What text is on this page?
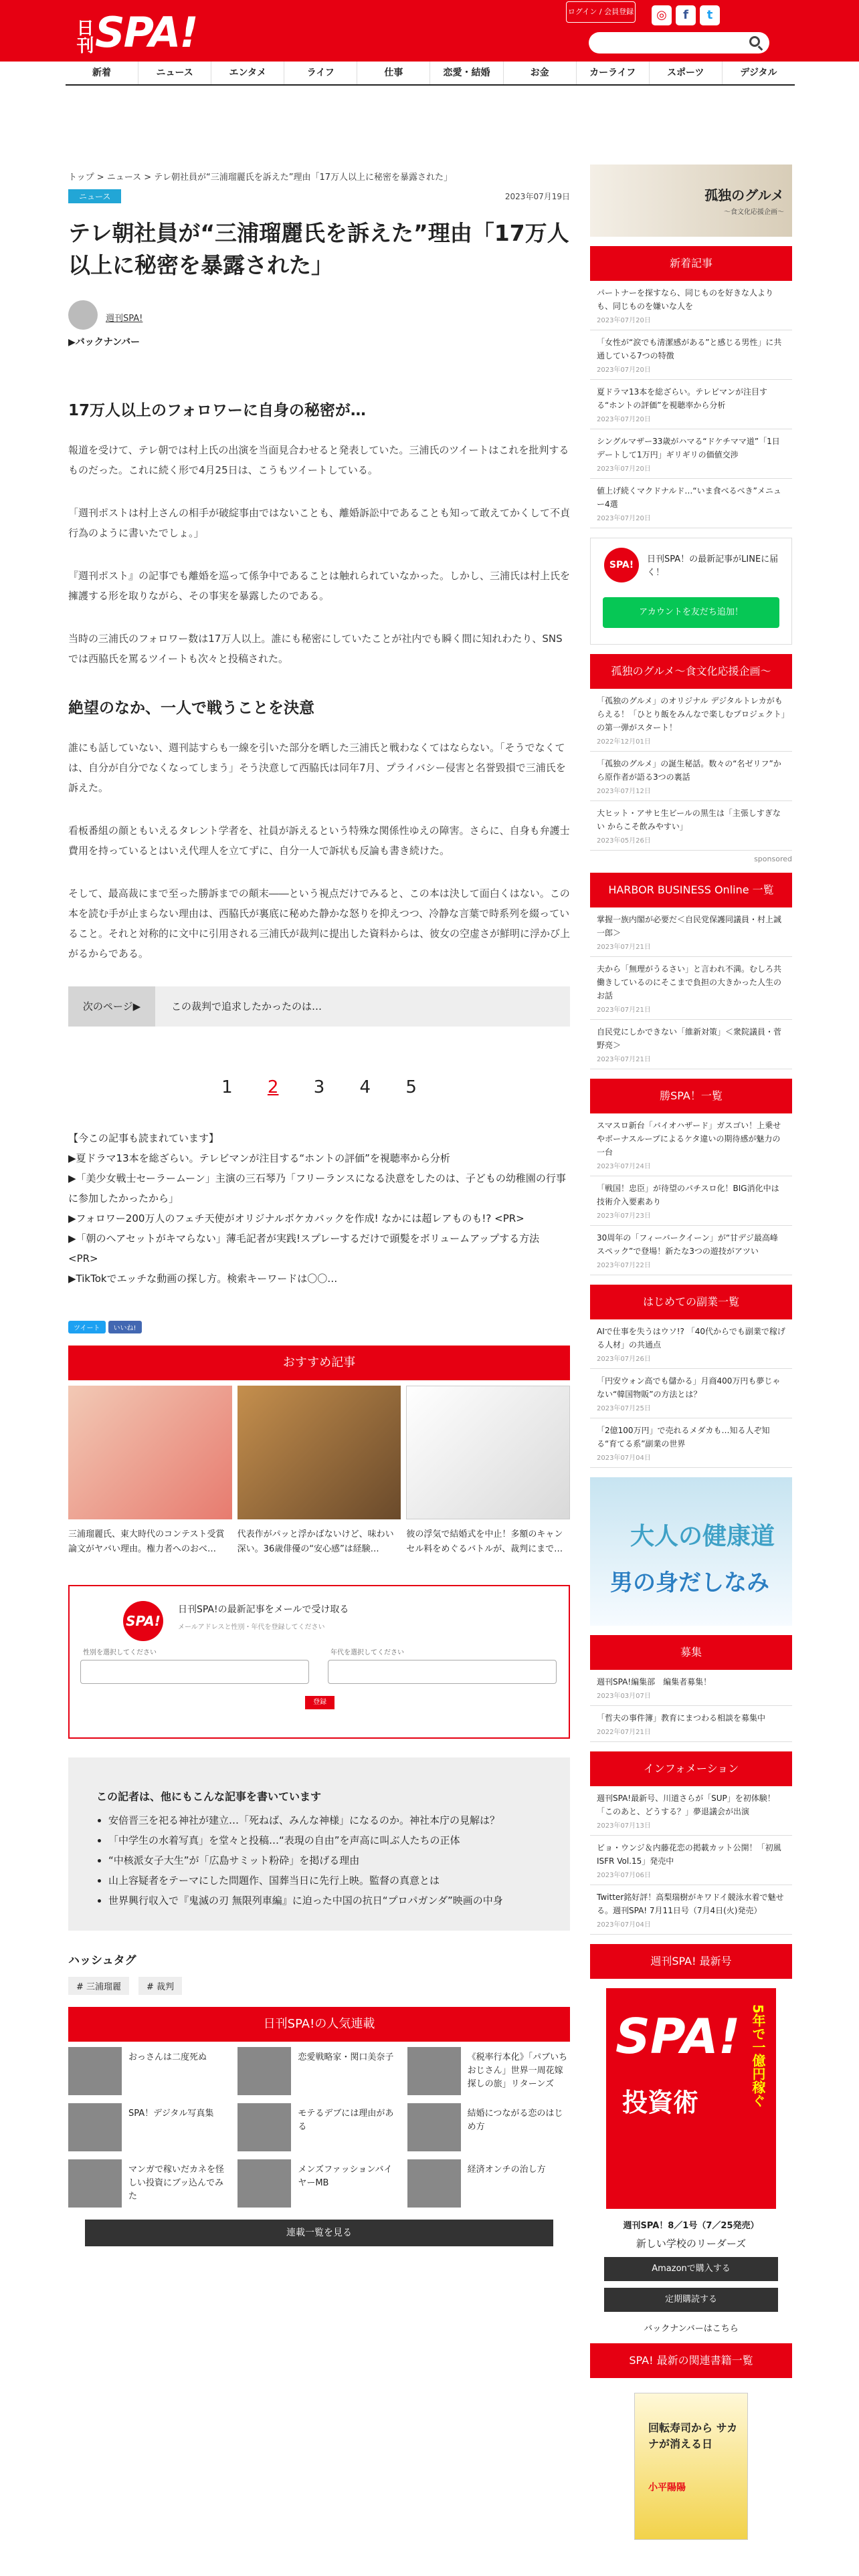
日刊 SPA!	ログイン / 会員登録	◎	f	t
新着	ニュース	エンタメ	ライフ	仕事	恋愛・結婚	お金	カーライフ	スポーツ	デジタル
トップ > ニュース > テレ朝社員が“三浦瑠麗氏を訴えた”理由「17万人以上に秘密を暴露された」
ニュース	2023年07月19日
テレ朝社員が“三浦瑠麗氏を訴えた”理由「17万人以上に秘密を暴露された」
週刊SPA!
▶バックナンバー
17万人以上のフォロワーに自身の秘密が…

報道を受けて、テレ朝では村上氏の出演を当面見合わせると発表していた。三浦氏のツイートはこれを批判するものだった。これに続く形で4月25日は、こうもツイートしている。

「週刊ポストは村上さんの相手が破綻事由ではないことも、離婚訴訟中であることも知って敢えてかくして不貞行為のように書いたでしょ。」

『週刊ポスト』の記事でも離婚を巡って係争中であることは触れられていなかった。しかし、三浦氏は村上氏を擁護する形を取りながら、その事実を暴露したのである。

当時の三浦氏のフォロワー数は17万人以上。誰にも秘密にしていたことが社内でも瞬く間に知れわたり、SNSでは西脇氏を罵るツイートも次々と投稿された。

絶望のなか、一人で戦うことを決意

誰にも話していない、週刊誌すらも一線を引いた部分を晒した三浦氏と戦わなくてはならない。「そうでなくては、自分が自分でなくなってしまう」そう決意して西脇氏は同年7月、プライバシー侵害と名誉毀損で三浦氏を訴えた。

看板番組の顔ともいえるタレント学者を、社員が訴えるという特殊な関係性ゆえの障害。さらに、自身も弁護士費用を持っているとはいえ代理人を立てずに、自分一人で訴状も反論も書き続けた。

そして、最高裁にまで至った勝訴までの顛末――という視点だけでみると、この本は決して面白くはない。この本を読む手が止まらない理由は、西脇氏が裏底に秘めた静かな怒りを抑えつつ、冷静な言葉で時系列を綴っていること。それと対称的に文中に引用される三浦氏が裁判に提出した資料からは、彼女の空虚さが鮮明に浮かび上がるからである。

次のページ▶	この裁判で追求したかったのは…
1 2 3 4 5
【今この記事も読まれています】
▶夏ドラマ13本を総ざらい。テレビマンが注目する“ホントの評価”を視聴率から分析
▶「美少女戦士セーラームーン」主演の三石琴乃「フリーランスになる決意をしたのは、子どもの幼稚園の行事に参加したかったから」
▶フォロワー200万人のフェチ天使がオリジナルボケカバックを作成! なかには超レアものも!? <PR>
▶「朝のヘアセットがキマらない」薄毛記者が実践!スプレーするだけで頭髪をボリュームアップする方法 <PR>
▶TikTokでエッチな動画の探し方。検索キーワードは〇〇…
ツイート	いいね!
おすすめ記事
三浦瑠麗氏、東大時代のコンテスト受賞論文がヤバい理由。権力者へのおべ…
代表作がパッと浮かばないけど、味わい深い。36歳俳優の“安心感”は経験…
彼の浮気で結婚式を中止！多額のキャンセル料をめぐるバトルが、裁判にまで…
SPA!
日刊SPA!の最新記事をメールで受け取る
メールアドレスと性別・年代を登録してください
性別を選択してください	年代を選択してください
登録
この記者は、他にもこんな記事を書いています
• 安倍晋三を祀る神社が建立…「死ねば、みんな神様」になるのか。神社本庁の見解は？
• 「中学生の水着写真」を堂々と投稿…“表現の自由”を声高に叫ぶ人たちの正体
• “中核派女子大生”が「広島サミット粉砕」を掲げる理由
• 山上容疑者をテーマにした問題作、国葬当日に先行上映。監督の真意とは
• 世界興行収入で『鬼滅の刃 無限列車編』に迫った中国の抗日“プロパガンダ”映画の中身
ハッシュタグ
# 三浦瑠麗	# 裁判
日刊SPA!の人気連載
おっさんは二度死ぬ	恋愛戦略家・関口美奈子	《税率行本化》「パブいちおじさん」世界一周花嫁探しの旅」リターンズ
SPA！デジタル写真集	モテるデブには理由がある
結婚につながる恋のはじめ方
マンガで稼いだカネを怪しい投資にブッ込んでみた
メンズファッションバイヤーMB
経済オンチの治し方
連載一覧を見る
孤独のグルメ
〜食文化応援企画〜
新着記事
パートナーを探すなら、同じものを好きな人よりも、同じものを嫌いな人を
2023年07月20日
「女性が“涙でも清潔感がある”と感じる男性」に共通している7つの特徴
2023年07月20日
夏ドラマ13本を総ざらい。テレビマンが注目する“ホントの評価”を視聴率から分析
2023年07月20日
シングルマザー33歳がハマる“ドケチママ道”「1日デートして1万円」ギリギリの価値交渉
2023年07月20日
値上げ続くマクドナルド…“いま食べるべき”メニュー4選
2023年07月20日
SPA!
日刊SPA！の最新記事がLINEに届く！
アカウントを友だち追加！
孤独のグルメ〜食文化応援企画〜
「孤独のグルメ」のオリジナル デジタルトレカがもらえる！「ひとり飯をみんなで楽しむプロジェクト」の第一弾がスタート！
2022年12月01日
「孤独のグルメ」の誕生秘話。数々の“名ゼリフ”から原作者が語る3つの裏話
2023年07月12日
大ヒット・アサヒ生ビールの黒生は「主張しすぎない からこそ飲みやすい」
2023年05月26日
sponsored
HARBOR BUSINESS Online 一覧
掌握一族内閣が必要だ＜自民党保護同議員・村上誠一郎＞
2023年07月21日
夫から「無理がうるさい」と言われ不満。むしろ共働きしているのにそこまで負担の大きかった人生のお話
2023年07月21日
自民党にしかできない「維新対策」＜衆院議員・菅野亮＞
2023年07月21日
勝SPA！一覧
スマスロ新台「バイオハザード」ガスゴい！上乗せやボーナスループによるケタ違いの期待感が魅力の一台
2023年07月24日
「戦国！忠臣」が待望のパチスロ化！BIG消化中は技術介入要素あり
2023年07月23日
30周年の「フィーバークイーン」が“甘デジ最高峰スペック”で登場！新たな3つの遊技がアツい
2023年07月22日
はじめての副業一覧
AIで仕事を失うはウソ!? 「40代からでも副業で稼げる人材」の共通点
2023年07月26日
「円安ウォン高でも儲かる」月商400万円も夢じゃない“韓国物販”の方法とは？
2023年07月25日
「2億100万円」で売れるメダカも…知る人ぞ知る“育てる系”副業の世界
2023年07月04日
大人の健康道
男の身だしなみ
募集
週刊SPA!編集部　編集者募集！
2023年03月07日
「哲夫の事件簿」教育にまつわる相談を募集中
2022年07月21日
インフォメーション
週刊SPA!最新号、川道さらが「SUP」を初体験！「このあと、どうする？」夢退議会が出演
2023年07月13日
ビョ・ウンジ＆内藤花恋の掲載カット公開！「初風ISFR Vol.15」発売中
2023年07月06日
Twitter銘好評！高梨瑞樹がキワドイ競泳水着で魅せる。週刊SPA! 7月11日号（7月4日(火)発売）
2023年07月04日
週刊SPA! 最新号
SPA! 5年で一億円稼ぐ
投資術
週刊SPA！8／1号（7／25発売）
新しい学校のリーダーズ
Amazonで購入する
定期購読する
バックナンバーはこちら
SPA! 最新の関連書籍一覧
回転寿司から サカナが消える日
小平陽陽
